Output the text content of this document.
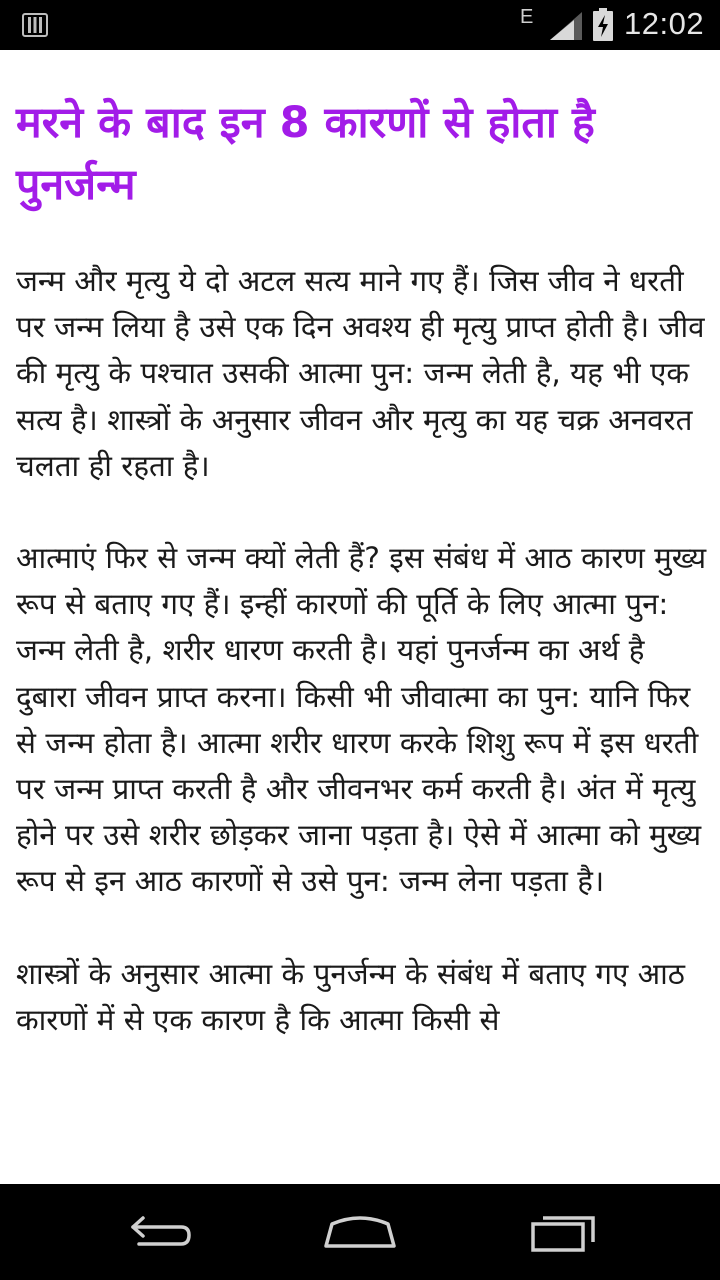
E	12:02
मरने के बाद इन 8 कारणों से होता है पुनर्जन्म

जन्म और मृत्यु ये दो अटल सत्य माने गए हैं। जिस जीव ने धरती पर जन्म लिया है उसे एक दिन अवश्य ही मृत्यु प्राप्त होती है। जीव की मृत्यु के पश्चात उसकी आत्मा पुन: जन्म लेती है, यह भी एक सत्य है। शास्त्रों के अनुसार जीवन और मृत्यु का यह चक्र अनवरत चलता ही रहता है।

आत्माएं फिर से जन्म क्यों लेती हैं? इस संबंध में आठ कारण मुख्य रूप से बताए गए हैं। इन्हीं कारणों की पूर्ति के लिए आत्मा पुन: जन्म लेती है, शरीर धारण करती है। यहां पुनर्जन्म का अर्थ है दुबारा जीवन प्राप्त करना। किसी भी जीवात्मा का पुन: यानि फिर से जन्म होता है। आत्मा शरीर धारण करके शिशु रूप में इस धरती पर जन्म प्राप्त करती है और जीवनभर कर्म करती है। अंत में मृत्यु होने पर उसे शरीर छोड़कर जाना पड़ता है। ऐसे में आत्मा को मुख्य रूप से इन आठ कारणों से उसे पुन: जन्म लेना पड़ता है।

शास्त्रों के अनुसार आत्मा के पुनर्जन्म के संबंध में बताए गए आठ कारणों में से एक कारण है कि आत्मा किसी से
